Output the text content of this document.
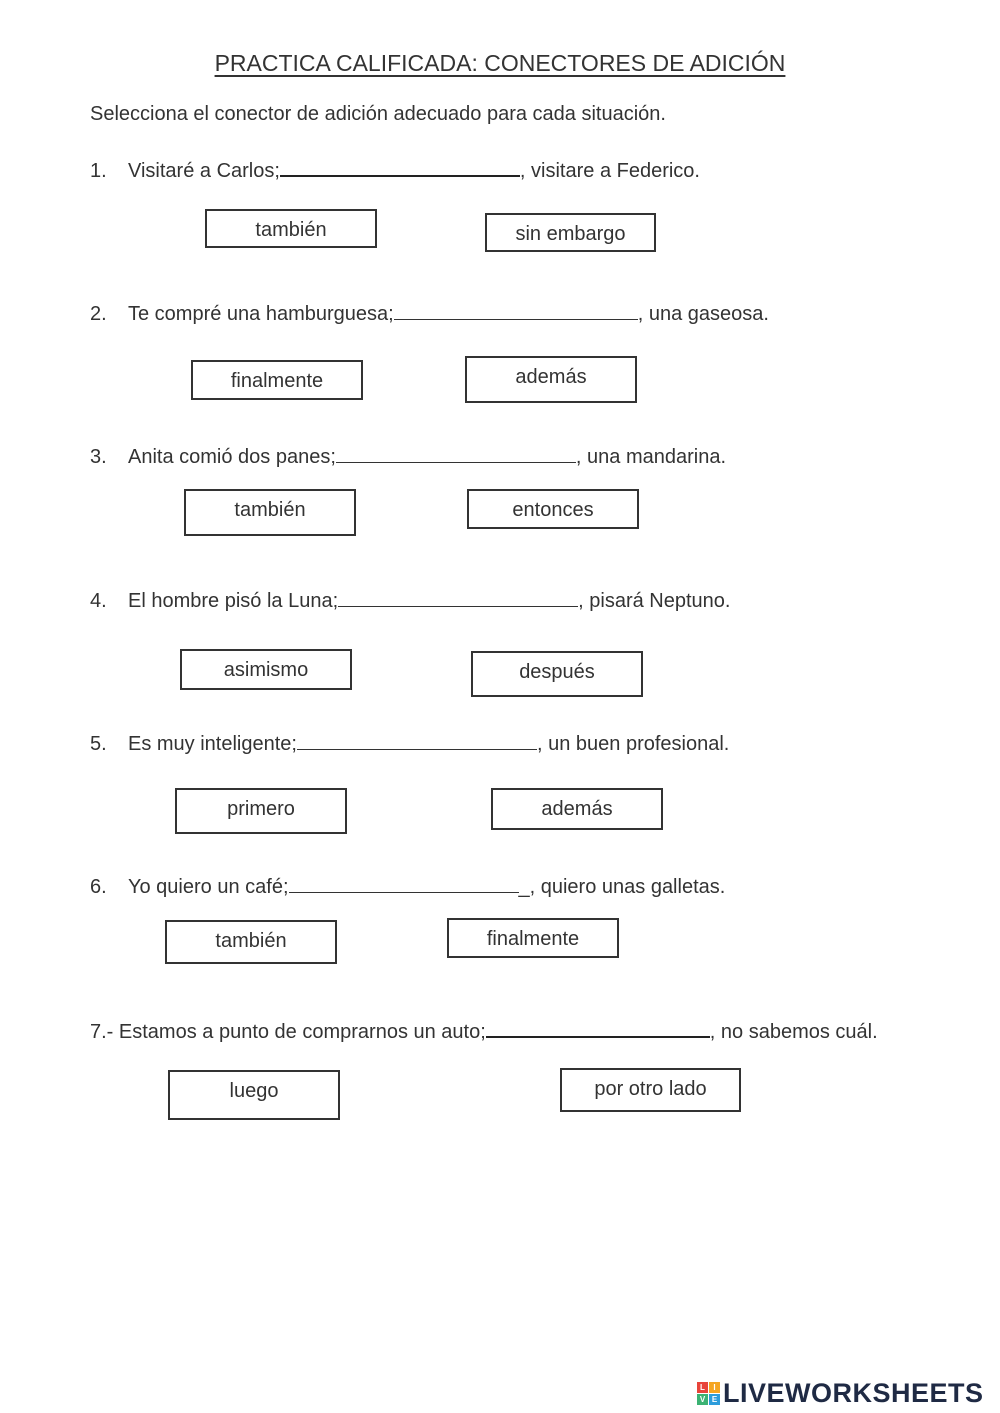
PRACTICA CALIFICADA: CONECTORES DE ADICIÓN
Selecciona el conector de adición adecuado para cada situación.
1. Visitaré a Carlos;	, visitare a Federico.
también	sin embargo
2. Te compré una hamburguesa;	, una gaseosa.
finalmente	además
3. Anita comió dos panes;	, una mandarina.
también	entonces
4. El hombre pisó la Luna;	, pisará Neptuno.
asimismo	después
5. Es muy inteligente;	, un buen profesional.
primero	además
6. Yo quiero un café;	_, quiero unas galletas.
también	finalmente
7.- Estamos a punto de comprarnos un auto;	, no sabemos cuál.
luego	por otro lado
L	I
V E LIVEWORKSHEETS
